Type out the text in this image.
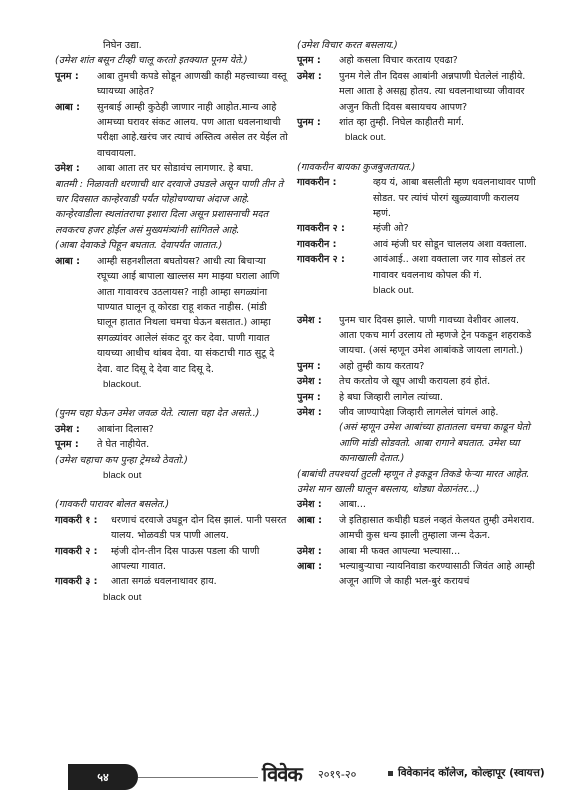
निघेन उद्या.

(उमेश शांत बसून टीव्ही चालू करतो इतक्यात पूनम येते.)

पूनम :	आबा तुमची कपडे सोडून आणखी काही महत्त्वाच्या वस्तू घ्यायच्या आहेत?
आबा :	सुनबाई आम्ही कुठेही जाणार नाही आहोत.मान्य आहे आमच्या घरावर संकट आलय. पण आता धवलनाथाची परीक्षा आहे.खरंच जर त्याचं अस्तित्व असेल तर येईल तो वाचवायला.
उमेश :	आबा आता तर घर सोडावंच लागणार. हे बघा.

बातमी : निळावती धरणाची धार दरवाजे उघडले असून पाणी तीन ते चार दिवसात कान्हेरवाडी पर्यंत पोहोचण्याचा अंदाज आहे. कान्हेरवाडीला स्थलांतराचा इशारा दिला असून प्रशासनाची मदत लवकरच हजर होईल असं मुख्यमंत्र्यांनी सांगितले आहे.

(आबा देवाकडे पिहून बघतात. देवापर्यंत जातात.)

आबा :	आम्ही सहनशीलता बघतोयस? आधी त्या बिचाऱ्या रघूच्या आई बापाला खाल्लस मग माझ्या घराला आणि आता गावावरच उठलायस? नाही आम्हा सगळ्यांना पाण्यात घालून तू कोरडा राहू शकत नाहीस. (मांडी घालून हातात निथला चमचा घेऊन बसतात.) आम्हा सगळ्यांवर आलेलं संकट दूर कर देवा. पाणी गावात यायच्या आधीच थांबव देवा. या संकटाची गाठ सुटू दे देवा. वाट दिसू दे देवा वाट दिसू दे.

blackout.

(पुनम चहा घेऊन उमेश जवळ येते. त्याला चहा देत असते..)

उमेश :	आबांना दिलास?
पूनम :	ते घेत नाहीयेत.

(उमेश चहाचा कप पुन्हा ट्रेमध्ये ठेवतो.)

black out

(गावकरी पारावर बोलत बसलेत.)

गावकरी १ :	धरणाचं दरवाजे उघडून दोन दिस झालं. पानी पसरत यालय. भोळवडी पत्र पाणी आलय.
गावकरी २ :	म्हंजी दोन-तीन दिस पाऊस पडला की पाणी आपल्या गावात.
गावकरी ३ :	आता सगळं धवलनाथावर हाय.

black out

(उमेश विचार करत बसलाय.)

पूनम :	अहो कसला विचार करताय एवढा?
उमेश :	पुनम गेले तीन दिवस आबांनी अन्नपाणी घेतलेलं नाहीये. मला आता हे असह्य होतय. त्या धवलनाथाच्या जीवावर अजुन किती दिवस बसायचय आपण?
पुनम :	शांत व्हा तुम्ही. निघेल काहीतरी मार्ग.

black out.

(गावकरीन बायका कुजबुजतायत.)

गावकरीन :	व्हय यं, आबा बसलीती म्हण धवलनाथावर पाणी सोडत. पर त्यांचं पोरगं खुळ्यावाणी करालय म्हणं.
गावकरीन २ :	म्हंजी ओ?
गावकरीन :	आवं म्हंजी घर सोडून चाललय अशा वक्ताला.
गावकरीन २ :	आवंआई.. अशा वक्ताला जर गाव सोडलं तर गावावर धवलनाथ कोपल की गं.

black out.

उमेश :	पुनम चार दिवस झाले. पाणी गावच्या वेशीवर आलय. आता एकच मार्ग उरलाय तो म्हणजे ट्रेन पकडून शहराकडे जायचा. (असं म्हणून उमेश आबांकडे जायला लागतो.)
पुनम :	अहो तुम्ही काय करताय?
उमेश :	तेच करतोय जे खूप आधी करायला हवं होतं.
पुनम :	हे बघा जिव्हारी लागेल त्यांच्या.
उमेश :	जीव जाण्यापेक्षा जिव्हारी लागलेलं चांगलं आहे.

(असं म्हणून उमेश आबांच्या हातातला चमचा काढून घेतो आणि मांडी सोडवतो. आबा रागाने बघतात. उमेश घ्या कानाखाली देतात.)

(बाबांची तपश्चर्या तुटली म्हणून ते इकडून तिकडे फेऱ्या मारत आहेत. उमेश मान खाली घालून बसलाय, थोड्या वेळानंतर...)

उमेश :	आबा...
आबा :	जे इतिहासात कधीही घडलं नव्हतं केलयत तुम्ही उमेशराव. आमची कुस धन्य झाली तुम्हाला जन्म देऊन.
उमेश :	आबा मी फक्त आपल्या भल्यासा...
आबा :	भल्याबुऱ्याचा न्यायनिवाडा करण्यासाठी जिवंत आहे आम्ही अजून आणि जे काही भल-बुरं करायचं
५४	विवेक २०१९-२०	विवेकानंद कॉलेज, कोल्हापूर (स्वायत्त)
